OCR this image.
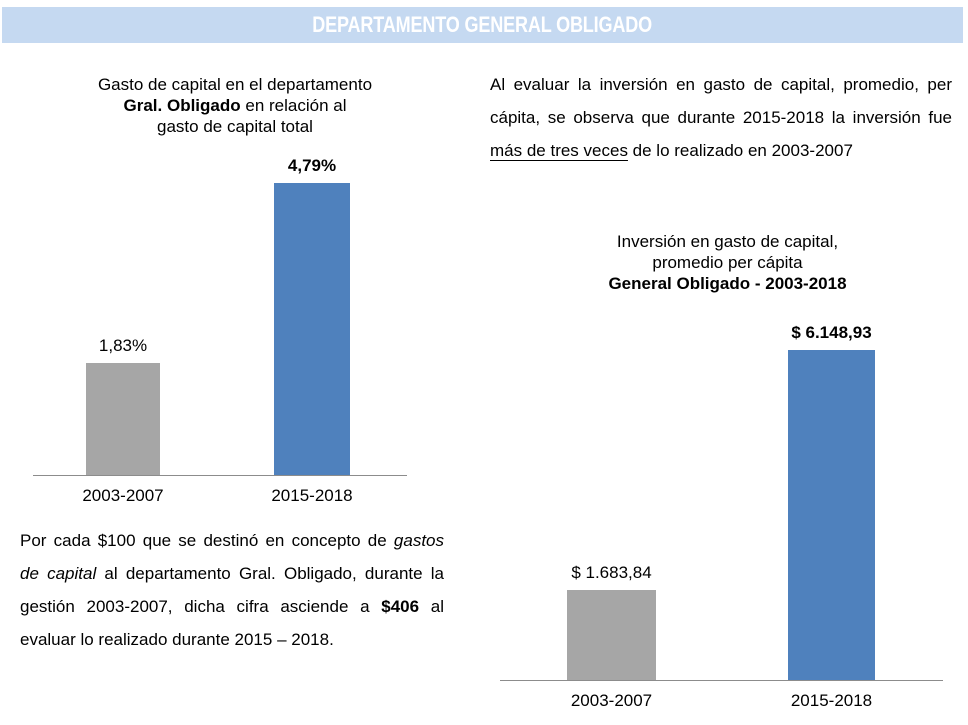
DEPARTAMENTO GENERAL OBLIGADO
Gasto de capital en el departamento
Gral. Obligado en relación al
gasto de capital total
1,83%
4,79%
2003-2007	2015-2018
Por cada $100 que se destinó en concepto de gastos de capital al departamento Gral. Obligado, durante la gestión 2003-2007, dicha cifra asciende a $406 al evaluar lo realizado durante 2015 – 2018.
Al evaluar la inversión en gasto de capital, promedio, per cápita, se observa que durante 2015-2018 la inversión fue más de tres veces de lo realizado en 2003-2007
Inversión en gasto de capital,
promedio per cápita
General Obligado - 2003-2018
$ 1.683,84
$ 6.148,93
2003-2007	2015-2018
